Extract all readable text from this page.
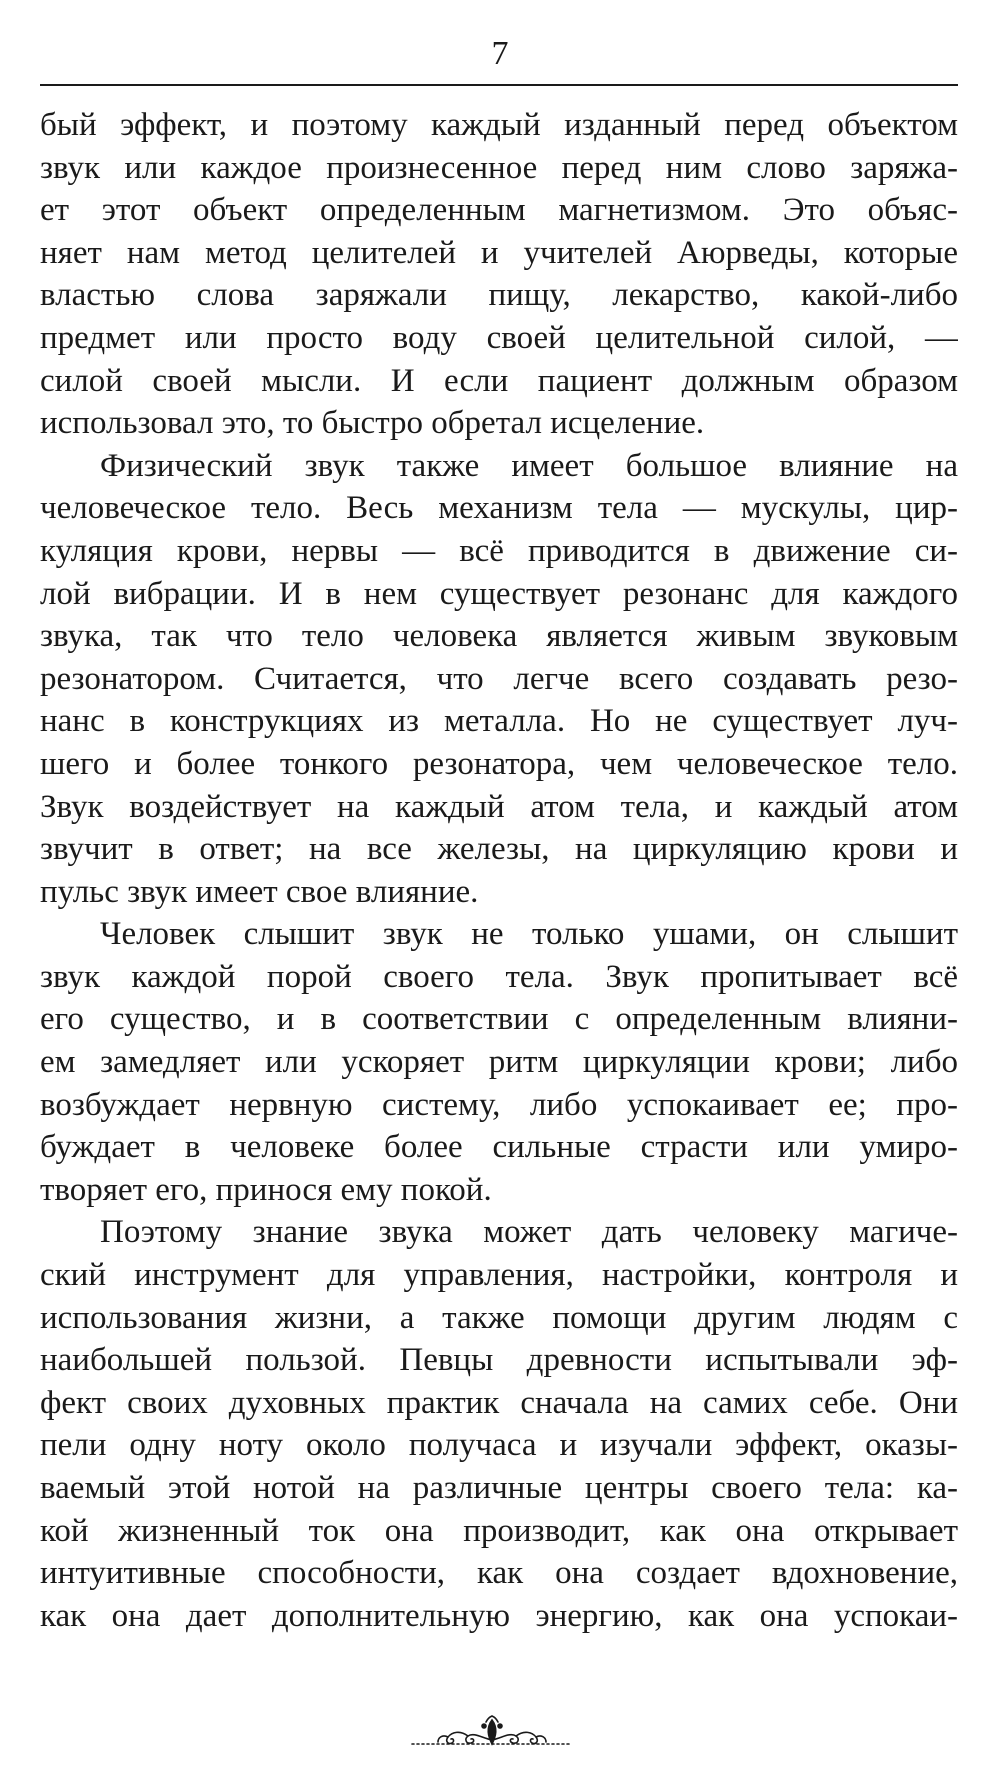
7
бый эффект, и поэтому каждый изданный перед объектом
звук или каждое произнесенное перед ним слово заряжа-
ет этот объект определенным магнетизмом. Это объяс-
няет нам метод целителей и учителей Аюрведы, которые
властью слова заряжали пищу, лекарство, какой-либо
предмет или просто воду своей целительной силой, —
силой своей мысли. И если пациент должным образом
использовал это, то быстро обретал исцеление.
Физический звук также имеет большое влияние на
человеческое тело. Весь механизм тела — мускулы, цир-
куляция крови, нервы — всё приводится в движение си-
лой вибрации. И в нем существует резонанс для каждого
звука, так что тело человека является живым звуковым
резонатором. Считается, что легче всего создавать резо-
нанс в конструкциях из металла. Но не существует луч-
шего и более тонкого резонатора, чем человеческое тело.
Звук воздействует на каждый атом тела, и каждый атом
звучит в ответ; на все железы, на циркуляцию крови и
пульс звук имеет свое влияние.
Человек слышит звук не только ушами, он слышит
звук каждой порой своего тела. Звук пропитывает всё
его существо, и в соответствии с определенным влияни-
ем замедляет или ускоряет ритм циркуляции крови; либо
возбуждает нервную систему, либо успокаивает ее; про-
буждает в человеке более сильные страсти или умиро-
творяет его, принося ему покой.
Поэтому знание звука может дать человеку магиче-
ский инструмент для управления, настройки, контроля и
использования жизни, а также помощи другим людям с
наибольшей пользой. Певцы древности испытывали эф-
фект своих духовных практик сначала на самих себе. Они
пели одну ноту около получаса и изучали эффект, оказы-
ваемый этой нотой на различные центры своего тела: ка-
кой жизненный ток она производит, как она открывает
интуитивные способности, как она создает вдохновение,
как она дает дополнительную энергию, как она успокаи-
